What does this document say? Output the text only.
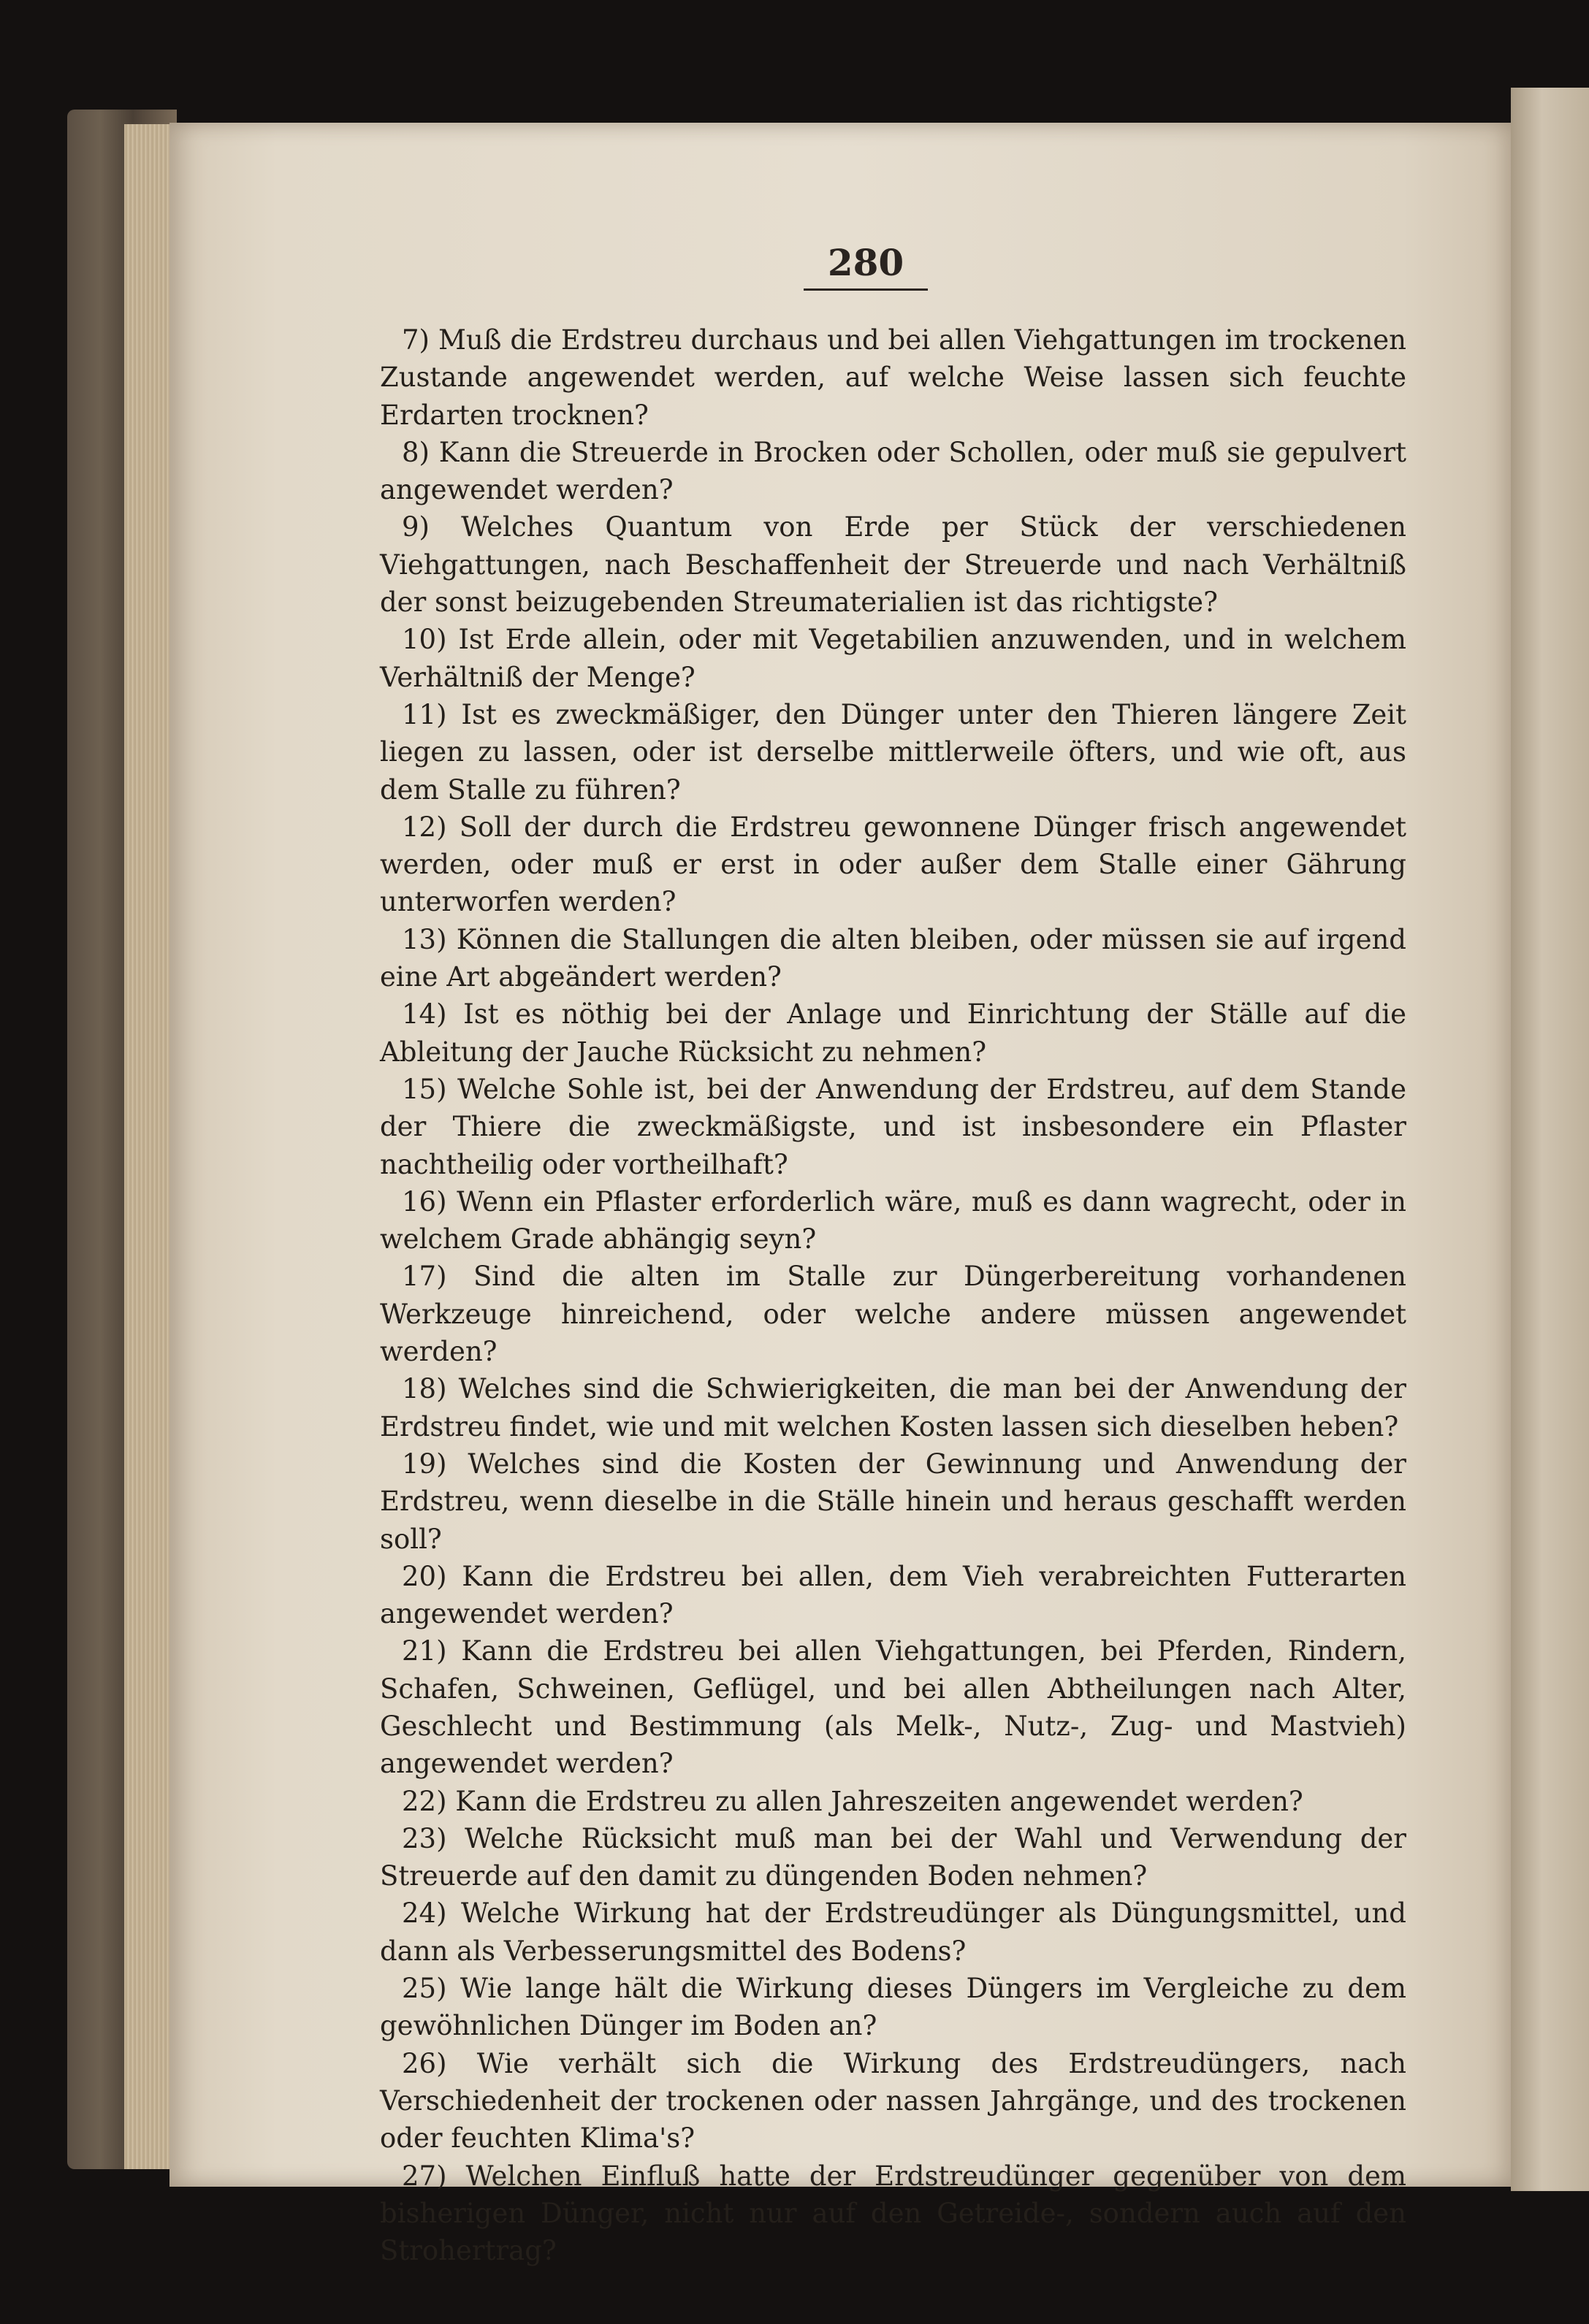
280

7) Muß die Erdstreu durchaus und bei allen Viehgattungen im trockenen Zustande angewendet werden, auf welche Weise lassen sich feuchte Erdarten trocknen?

8) Kann die Streuerde in Brocken oder Schollen, oder muß sie gepulvert angewendet werden?

9) Welches Quantum von Erde per Stück der verschiedenen Viehgattungen, nach Beschaffenheit der Streuerde und nach Verhältniß der sonst beizugebenden Streumaterialien ist das richtigste?

10) Ist Erde allein, oder mit Vegetabilien anzuwenden, und in welchem Verhältniß der Menge?

11) Ist es zweckmäßiger, den Dünger unter den Thieren längere Zeit liegen zu lassen, oder ist derselbe mittlerweile öfters, und wie oft, aus dem Stalle zu führen?

12) Soll der durch die Erdstreu gewonnene Dünger frisch angewendet werden, oder muß er erst in oder außer dem Stalle einer Gährung unterworfen werden?

13) Können die Stallungen die alten bleiben, oder müssen sie auf irgend eine Art abgeändert werden?

14) Ist es nöthig bei der Anlage und Einrichtung der Ställe auf die Ableitung der Jauche Rücksicht zu nehmen?

15) Welche Sohle ist, bei der Anwendung der Erdstreu, auf dem Stande der Thiere die zweckmäßigste, und ist insbesondere ein Pflaster nachtheilig oder vortheilhaft?

16) Wenn ein Pflaster erforderlich wäre, muß es dann wagrecht, oder in welchem Grade abhängig seyn?

17) Sind die alten im Stalle zur Düngerbereitung vorhandenen Werkzeuge hinreichend, oder welche andere müssen angewendet werden?

18) Welches sind die Schwierigkeiten, die man bei der Anwendung der Erdstreu findet, wie und mit welchen Kosten lassen sich dieselben heben?

19) Welches sind die Kosten der Gewinnung und Anwendung der Erdstreu, wenn dieselbe in die Ställe hinein und heraus geschafft werden soll?

20) Kann die Erdstreu bei allen, dem Vieh verabreichten Futterarten angewendet werden?

21) Kann die Erdstreu bei allen Viehgattungen, bei Pferden, Rindern, Schafen, Schweinen, Geflügel, und bei allen Abtheilungen nach Alter, Geschlecht und Bestimmung (als Melk-, Nutz-, Zug- und Mastvieh) angewendet werden?

22) Kann die Erdstreu zu allen Jahreszeiten angewendet werden?

23) Welche Rücksicht muß man bei der Wahl und Verwendung der Streuerde auf den damit zu düngenden Boden nehmen?

24) Welche Wirkung hat der Erdstreudünger als Düngungsmittel, und dann als Verbesserungsmittel des Bodens?

25) Wie lange hält die Wirkung dieses Düngers im Vergleiche zu dem gewöhnlichen Dünger im Boden an?

26) Wie verhält sich die Wirkung des Erdstreudüngers, nach Verschiedenheit der trockenen oder nassen Jahrgänge, und des trockenen oder feuchten Klima's?

27) Welchen Einfluß hatte der Erdstreudünger gegenüber von dem bisherigen Dünger, nicht nur auf den Getreide-, sondern auch auf den Strohertrag?
